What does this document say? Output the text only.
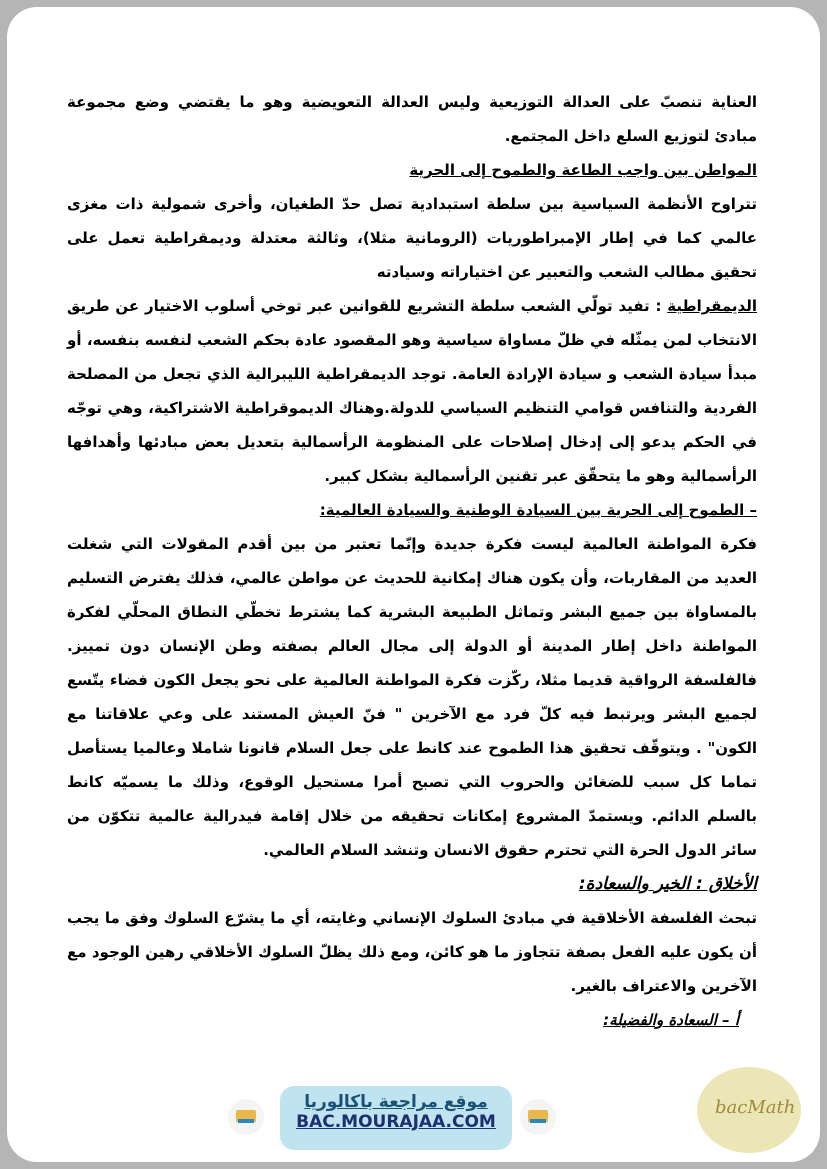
العناية تنصبّ على العدالة التوزيعية وليس العدالة التعويضية وهو ما يقتضي وضع مجموعة مبادئ لتوزيع السلع داخل المجتمع.

المواطن بين واجب الطاعة والطموح إلى الحرية

تتراوح الأنظمة السياسية بين سلطة استبدادية تصل حدّ الطغيان، وأخرى شمولية ذات مغزى عالمي كما في إطار الإمبراطوريات (الرومانية مثلا)، وثالثة معتدلة وديمقراطية تعمل على تحقيق مطالب الشعب والتعبير عن اختياراته وسيادته

الديمقراطية : تفيد تولّي الشعب سلطة التشريع للقوانين عبر توخي أسلوب الاختيار عن طريق الانتخاب لمن يمثّله في ظلّ مساواة سياسية وهو المقصود عادة بحكم الشعب لنفسه بنفسه، أو مبدأ سيادة الشعب و سيادة الإرادة العامة. توجد الديمقراطية الليبرالية الذي تجعل من المصلحة الفردية والتنافس قوامي التنظيم السياسي للدولة.وهناك الديموقراطية الاشتراكية، وهي توجّه في الحكم يدعو إلى إدخال إصلاحات على المنظومة الرأسمالية بتعديل بعض مبادئها وأهدافها الرأسمالية وهو ما يتحقّق عبر تقنين الرأسمالية بشكل كبير.

– الطموح إلى الحرية بين السيادة الوطنية والسيادة العالمية:

فكرة المواطنة العالمية ليست فكرة جديدة وإنّما تعتبر من بين أقدم المقولات التي شغلت العديد من المقاربات، وأن يكون هناك إمكانية للحديث عن مواطن عالمي، فذلك يفترض التسليم بالمساواة بين جميع البشر وتماثل الطبيعة البشرية كما يشترط تخطّي النطاق المحلّي لفكرة المواطنة داخل إطار المدينة أو الدولة إلى مجال العالم بصفته وطن الإنسان دون تمييز. فالفلسفة الرواقية قديما مثلا، ركّزت فكرة المواطنة العالمية على نحو يجعل الكون فضاء يتّسع لجميع البشر ويرتبط فيه كلّ فرد مع الآخرين " فنّ العيش المستند على وعي علاقاتنا مع الكون" . ويتوقّف تحقيق هذا الطموح عند كانط على جعل السلام قانونا شاملا وعالميا يستأصل تماما كل سبب للضغائن والحروب التي تصبح أمرا مستحيل الوقوع، وذلك ما يسميّه كانط بالسلم الدائم. ويستمدّ المشروع إمكانات تحقيقه من خلال إقامة فيدرالية عالمية تتكوّن من سائر الدول الحرة التي تحترم حقوق الانسان وتنشد السلام العالمي.

الأخلاق : الخير والسعادة:

تبحث الفلسفة الأخلاقية في مبادئ السلوك الإنساني وغايته، أي ما يشرّع السلوك وفق ما يجب أن يكون عليه الفعل بصفة تتجاوز ما هو كائن، ومع ذلك يظلّ السلوك الأخلاقي رهين الوجود مع الآخرين والاعتراف بالغير.

أ – السعادة والفضيلة:

موقع مراجعة باكالوريا
BAC.MOURAJAA.COM
bacMath
